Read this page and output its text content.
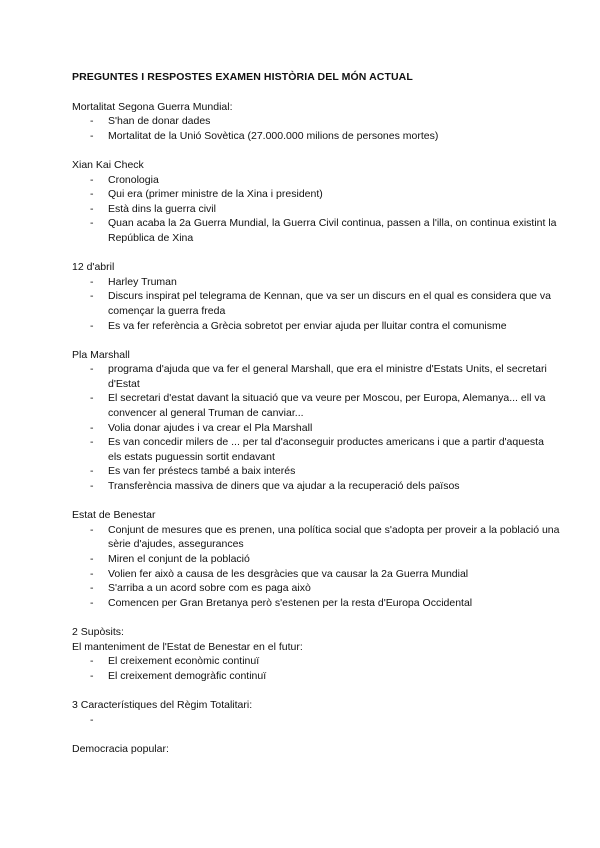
PREGUNTES I RESPOSTES EXAMEN HISTÒRIA DEL MÓN ACTUAL

Mortalitat Segona Guerra Mundial:

- S'han de donar dades
- Mortalitat de la Unió Sovètica (27.000.000 milions de persones mortes)

Xian Kai Check

- Cronologia
- Qui era (primer ministre de la Xina i president)
- Està dins la guerra civil
- Quan acaba la 2a Guerra Mundial, la Guerra Civil continua, passen a l'illa, on continua existint la República de Xina

12 d'abril

- Harley Truman
- Discurs inspirat pel telegrama de Kennan, que va ser un discurs en el qual es considera que va començar la guerra freda
- Es va fer referència a Grècia sobretot per enviar ajuda per lluitar contra el comunisme

Pla Marshall

- programa d'ajuda que va fer el general Marshall, que era el ministre d'Estats Units, el secretari d'Estat
- El secretari d'estat davant la situació que va veure per Moscou, per Europa, Alemanya... ell va convencer al general Truman de canviar...
- Volia donar ajudes i va crear el Pla Marshall
- Es van concedir milers de ... per tal d'aconseguir productes americans i que a partir d'aquesta els estats puguessin sortit endavant
- Es van fer préstecs també a baix interés
- Transferència massiva de diners que va ajudar a la recuperació dels països

Estat de Benestar

- Conjunt de mesures que es prenen, una política social que s'adopta per proveir a la població una sèrie d'ajudes, assegurances
- Miren el conjunt de la població
- Volien fer això a causa de les desgràcies que va causar la 2a Guerra Mundial
- S'arriba a un acord sobre com es paga això
- Comencen per Gran Bretanya però s'estenen per la resta d'Europa Occidental

2 Supòsits:

El manteniment de l'Estat de Benestar en el futur:

- El creixement econòmic continuï
- El creixement demogràfic continuï

3 Característiques del Règim Totalitari:

-

Democracia popular:
